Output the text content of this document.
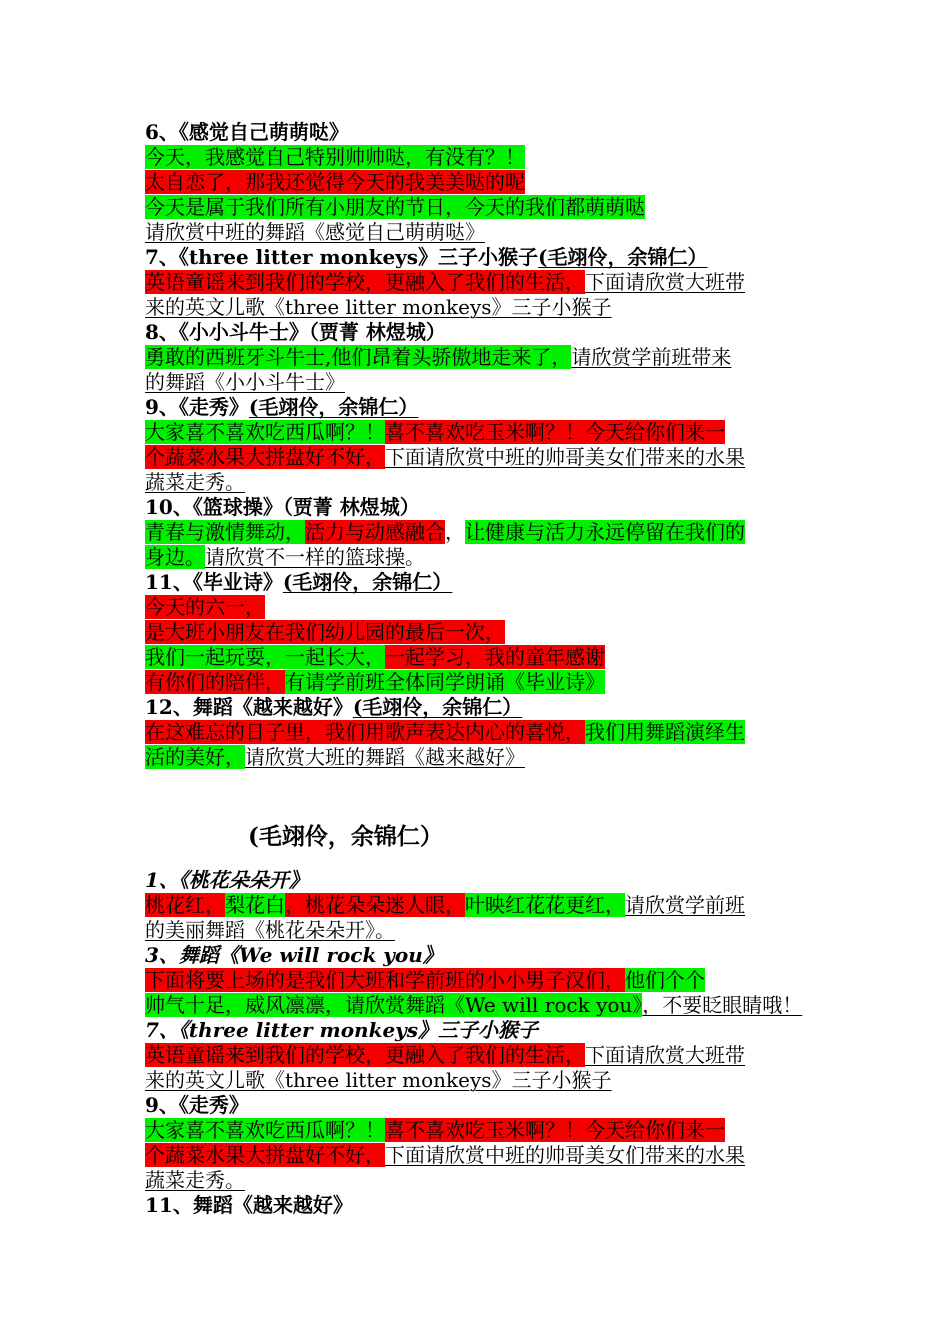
6、《感觉自己萌萌哒》
今天，我感觉自己特别帅帅哒，有没有？！
太自恋了，那我还觉得今天的我美美哒的呢
今天是属于我们所有小朋友的节日，今天的我们都萌萌哒
请欣赏中班的舞蹈《感觉自己萌萌哒》
7、《three litter monkeys》三子小猴子(毛翊伶，余锦仁）
英语童谣来到我们的学校，更融入了我们的生活，下面请欣赏大班带
来的英文儿歌《three litter monkeys》三子小猴子
8、《小小斗牛士》（贾菁 林煜城）
勇敢的西班牙斗牛士,他们昂着头骄傲地走来了，请欣赏学前班带来
的舞蹈《小小斗牛士》
9、《走秀》(毛翊伶，余锦仁）
大家喜不喜欢吃西瓜啊？！喜不喜欢吃玉米啊？！今天给你们来一
个蔬菜水果大拼盘好不好，下面请欣赏中班的帅哥美女们带来的水果
蔬菜走秀。
10、《篮球操》（贾菁 林煜城）
青春与激情舞动，活力与动感融合，让健康与活力永远停留在我们的
身边。请欣赏不一样的篮球操。
11、《毕业诗》(毛翊伶，余锦仁）
今天的六一，
是大班小朋友在我们幼儿园的最后一次，
我们一起玩耍，一起长大，一起学习，我的童年感谢
有你们的陪伴，有请学前班全体同学朗诵《毕业诗》
12、舞蹈《越来越好》(毛翊伶，余锦仁）
在这难忘的日子里，我们用歌声表达内心的喜悦，我们用舞蹈演绎生
活的美好，请欣赏大班的舞蹈《越来越好》
(毛翊伶，余锦仁）
1、《桃花朵朵开》
桃花红，梨花白，桃花朵朵迷人眼，叶映红花花更红，请欣赏学前班
的美丽舞蹈《桃花朵朵开》。
3、舞蹈《We will rock you》
下面将要上场的是我们大班和学前班的小小男子汉们，他们个个
帅气十足，威风凛凛，请欣赏舞蹈《We will rock you》，不要眨眼睛哦！
7、《three litter monkeys》三子小猴子
英语童谣来到我们的学校，更融入了我们的生活，下面请欣赏大班带
来的英文儿歌《three litter monkeys》三子小猴子
9、《走秀》
大家喜不喜欢吃西瓜啊？！喜不喜欢吃玉米啊？！今天给你们来一
个蔬菜水果大拼盘好不好，下面请欣赏中班的帅哥美女们带来的水果
蔬菜走秀。
11、舞蹈《越来越好》
